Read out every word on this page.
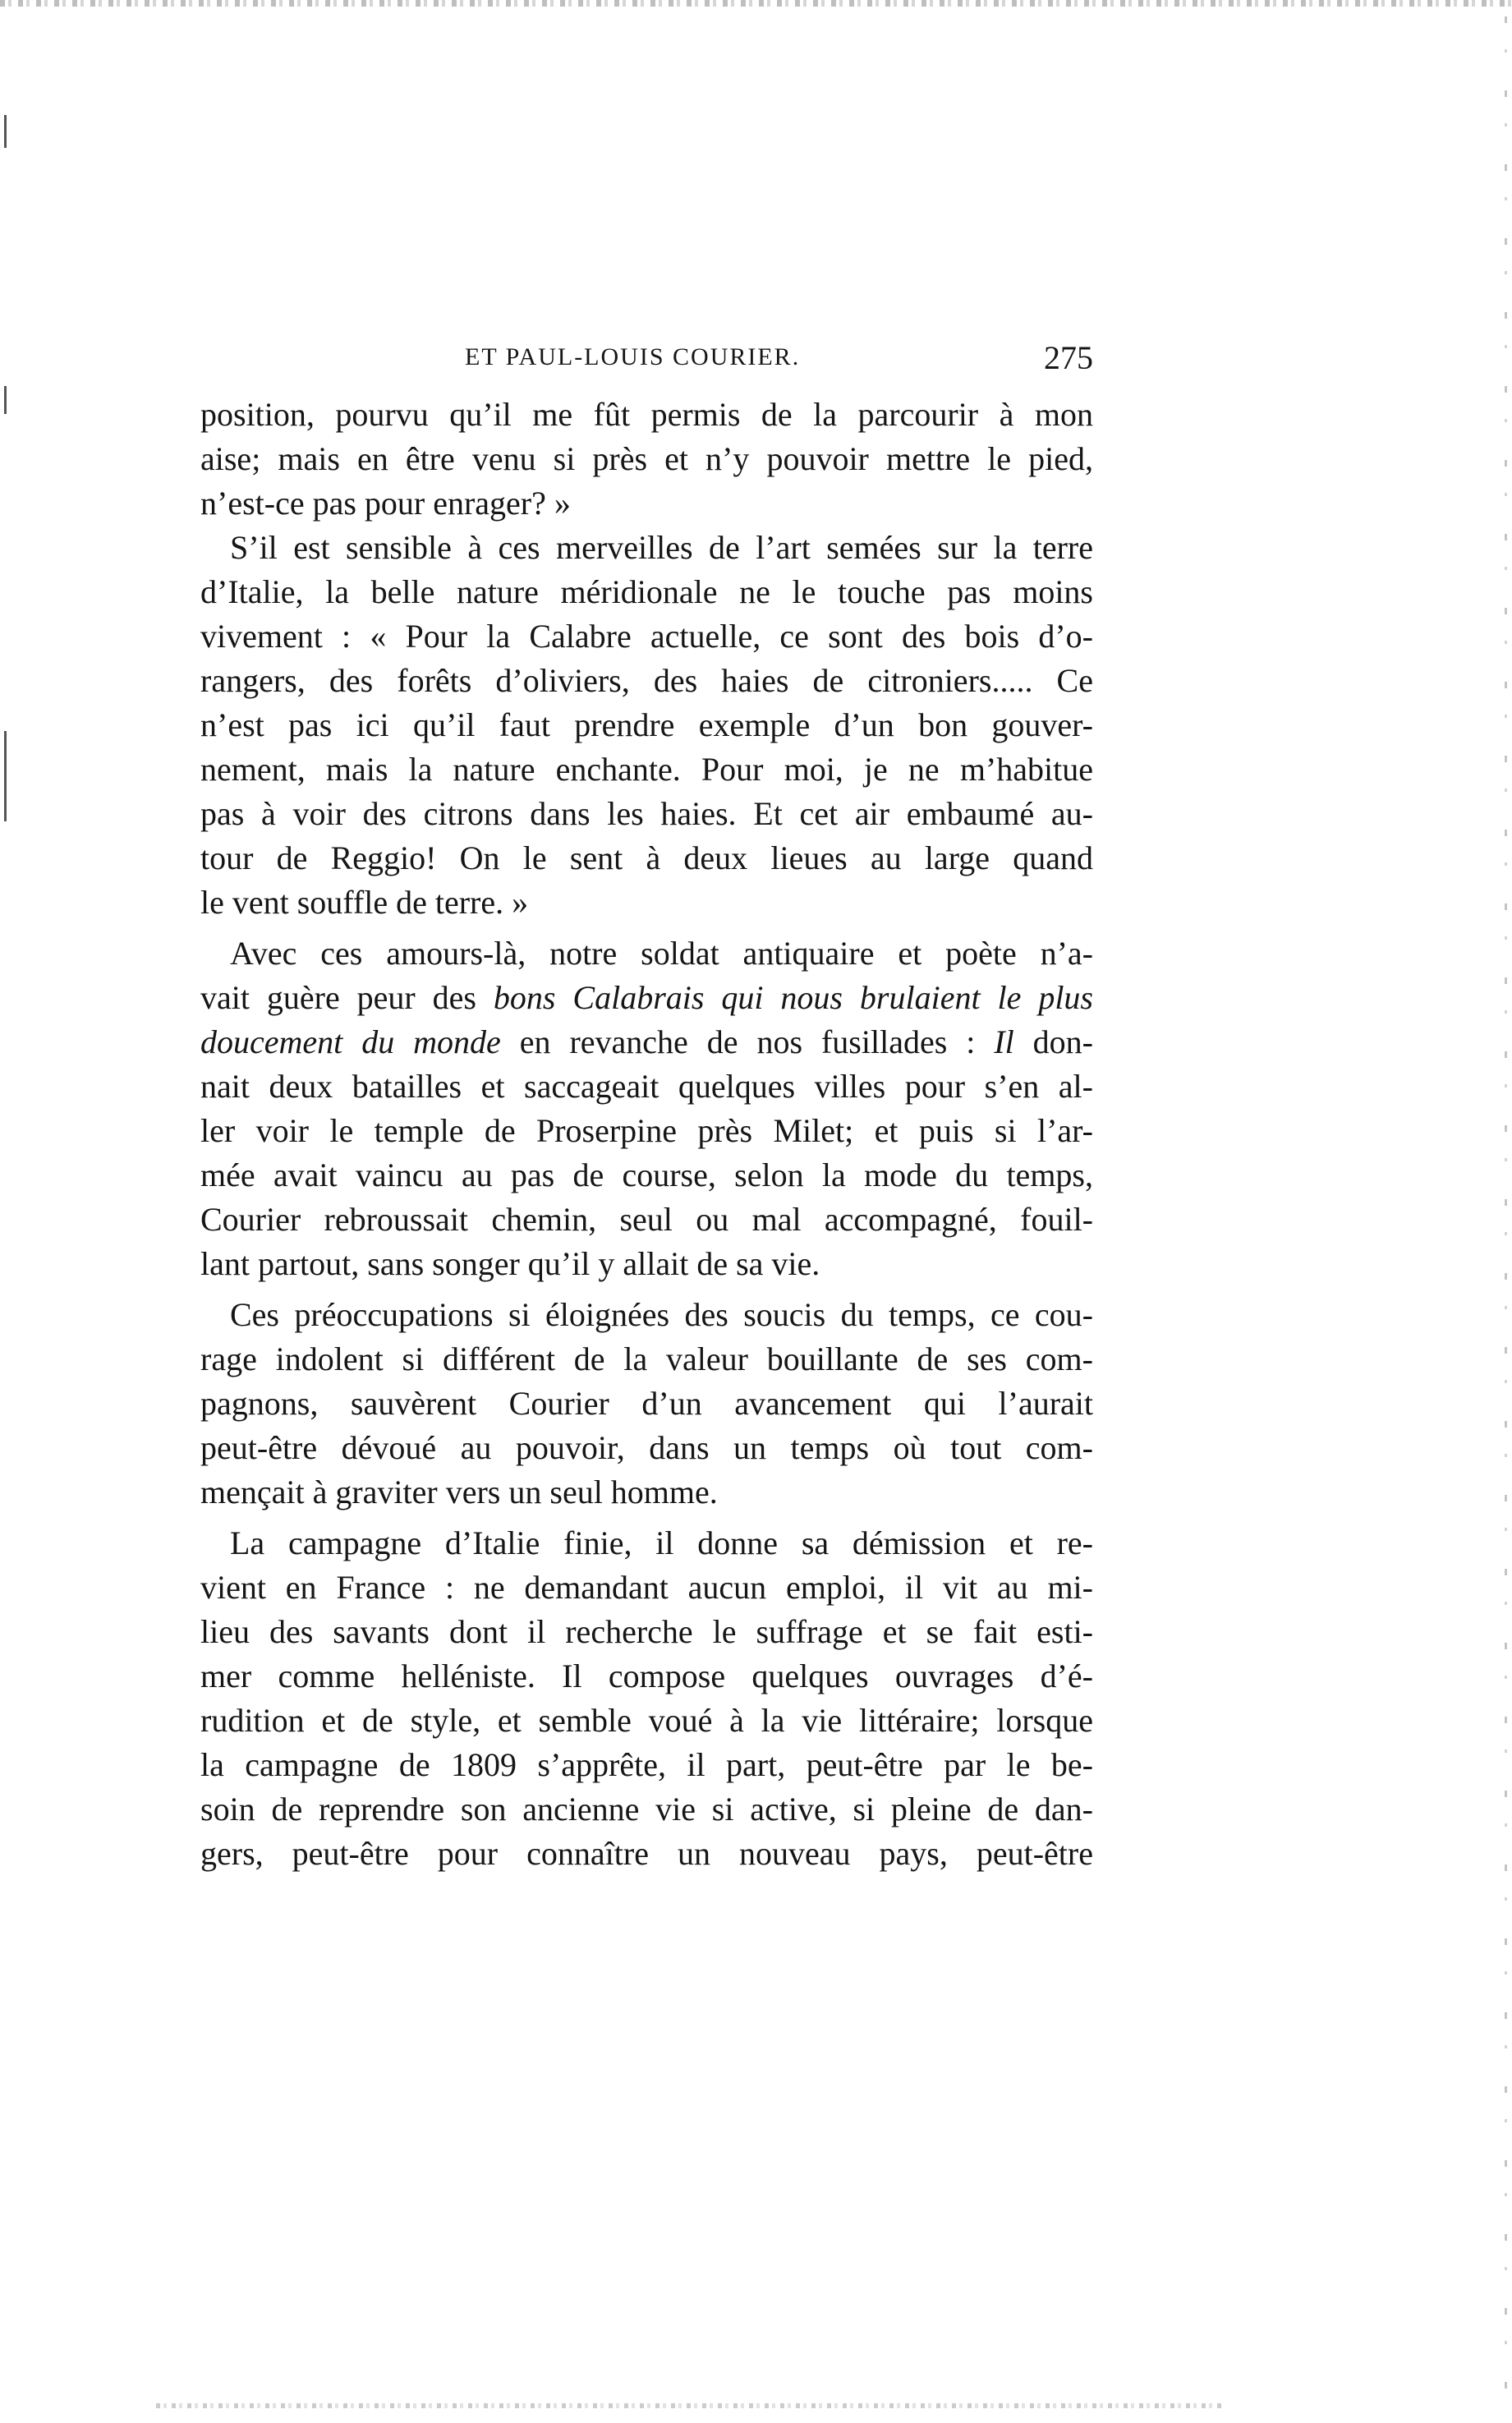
ET PAUL-LOUIS COURIER.	275
position, pourvu qu’il me fût permis de la parcourir à mon
aise; mais en être venu si près et n’y pouvoir mettre le pied,
n’est-ce pas pour enrager? »
S’il est sensible à ces merveilles de l’art semées sur la terre
d’Italie, la belle nature méridionale ne le touche pas moins
vivement : « Pour la Calabre actuelle, ce sont des bois d’o-
rangers, des forêts d’oliviers, des haies de citroniers..... Ce
n’est pas ici qu’il faut prendre exemple d’un bon gouver-
nement, mais la nature enchante. Pour moi, je ne m’habitue
pas à voir des citrons dans les haies. Et cet air embaumé au-
tour de Reggio! On le sent à deux lieues au large quand
le vent souffle de terre. »
Avec ces amours-là, notre soldat antiquaire et poète n’a-
vait guère peur des bons Calabrais qui nous brulaient le plus
doucement du monde en revanche de nos fusillades : Il don-
nait deux batailles et saccageait quelques villes pour s’en al-
ler voir le temple de Proserpine près Milet; et puis si l’ar-
mée avait vaincu au pas de course, selon la mode du temps,
Courier rebroussait chemin, seul ou mal accompagné, fouil-
lant partout, sans songer qu’il y allait de sa vie.
Ces préoccupations si éloignées des soucis du temps, ce cou-
rage indolent si différent de la valeur bouillante de ses com-
pagnons, sauvèrent Courier d’un avancement qui l’aurait
peut-être dévoué au pouvoir, dans un temps où tout com-
mençait à graviter vers un seul homme.
La campagne d’Italie finie, il donne sa démission et re-
vient en France : ne demandant aucun emploi, il vit au mi-
lieu des savants dont il recherche le suffrage et se fait esti-
mer comme helléniste. Il compose quelques ouvrages d’é-
rudition et de style, et semble voué à la vie littéraire; lorsque
la campagne de 1809 s’apprête, il part, peut-être par le be-
soin de reprendre son ancienne vie si active, si pleine de dan-
gers, peut-être pour connaître un nouveau pays, peut-être
